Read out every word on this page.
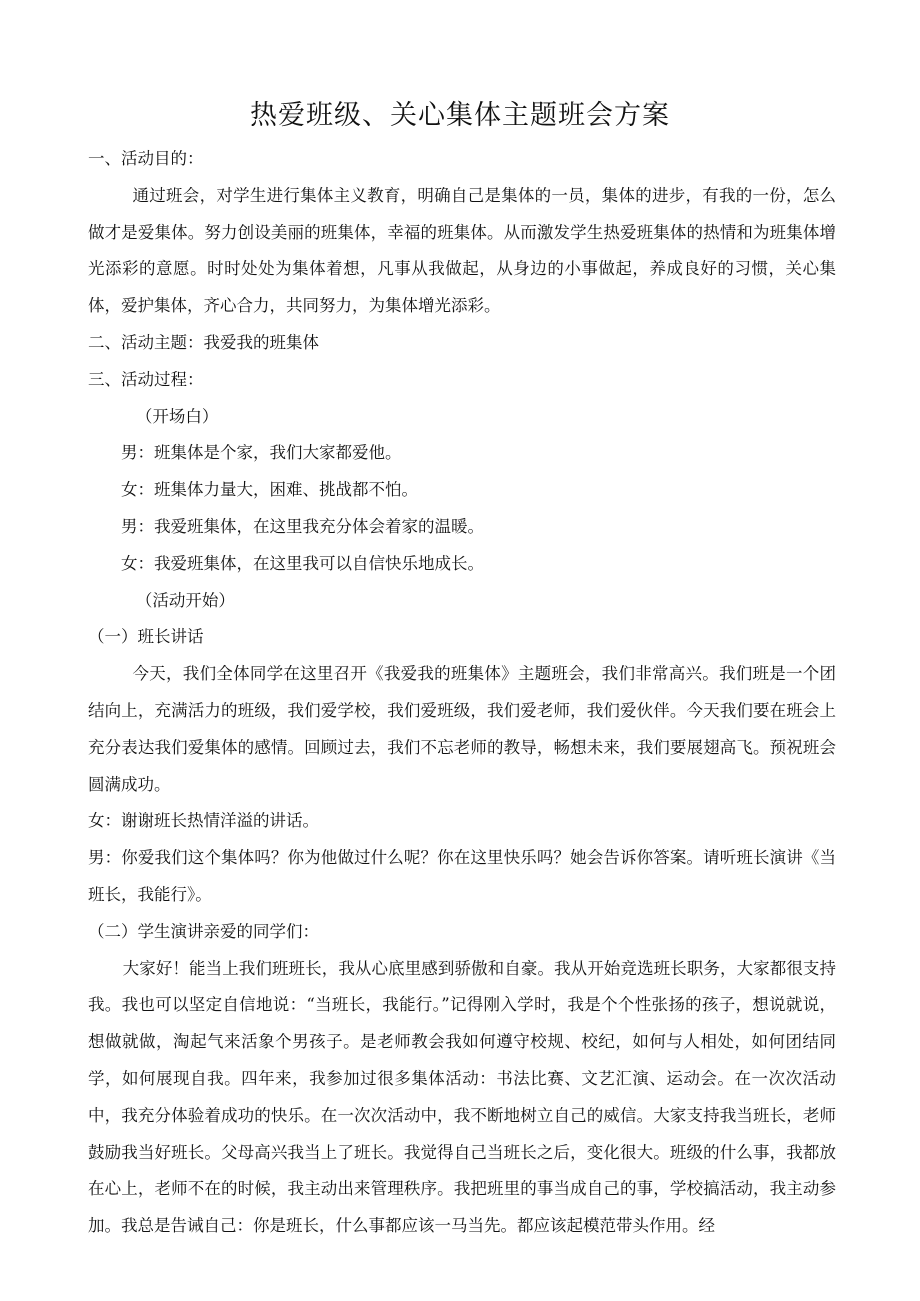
热爱班级、关心集体主题班会方案

一、活动目的：

通过班会，对学生进行集体主义教育，明确自己是集体的一员，集体的进步，有我的一份，怎么做才是爱集体。努力创设美丽的班集体，幸福的班集体。从而激发学生热爱班集体的热情和为班集体增光添彩的意愿。时时处处为集体着想，凡事从我做起，从身边的小事做起，养成良好的习惯，关心集体，爱护集体，齐心合力，共同努力，为集体增光添彩。

二、活动主题：我爱我的班集体

三、活动过程：

（开场白）

男：班集体是个家，我们大家都爱他。

女：班集体力量大，困难、挑战都不怕。

男：我爱班集体，在这里我充分体会着家的温暖。

女：我爱班集体，在这里我可以自信快乐地成长。

（活动开始）

（一）班长讲话

今天，我们全体同学在这里召开《我爱我的班集体》主题班会，我们非常高兴。我们班是一个团结向上，充满活力的班级，我们爱学校，我们爱班级，我们爱老师，我们爱伙伴。今天我们要在班会上充分表达我们爱集体的感情。回顾过去，我们不忘老师的教导，畅想未来，我们要展翅高飞。预祝班会圆满成功。

女：谢谢班长热情洋溢的讲话。

男：你爱我们这个集体吗？你为他做过什么呢？你在这里快乐吗？她会告诉你答案。请听班长演讲《当班长，我能行》。

（二）学生演讲亲爱的同学们：

大家好！能当上我们班班长，我从心底里感到骄傲和自豪。我从开始竞选班长职务，大家都很支持我。我也可以坚定自信地说：“当班长，我能行。”记得刚入学时，我是个个性张扬的孩子，想说就说，想做就做，淘起气来活象个男孩子。是老师教会我如何遵守校规、校纪，如何与人相处，如何团结同学，如何展现自我。四年来，我参加过很多集体活动：书法比赛、文艺汇演、运动会。在一次次活动中，我充分体验着成功的快乐。在一次次活动中，我不断地树立自己的威信。大家支持我当班长，老师鼓励我当好班长。父母高兴我当上了班长。我觉得自己当班长之后，变化很大。班级的什么事，我都放在心上，老师不在的时候，我主动出来管理秩序。我把班里的事当成自己的事，学校搞活动，我主动参加。我总是告诫自己：你是班长，什么事都应该一马当先。都应该起模范带头作用。经
